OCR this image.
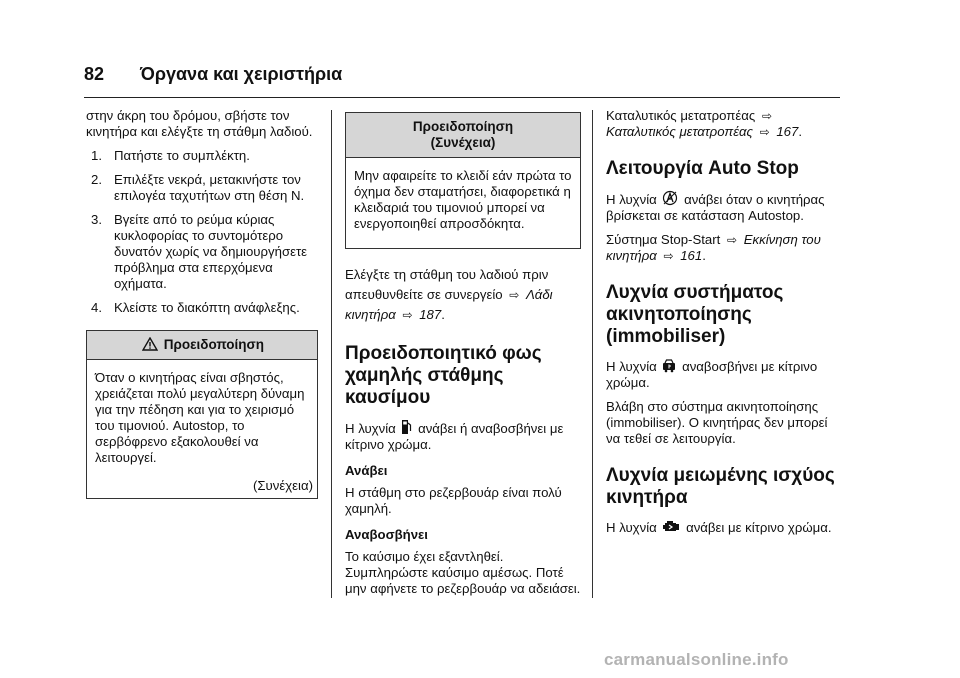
82 Όργανα και χειριστήρια

στην άκρη του δρόμου, σβήστε τον κινητήρα και ελέγξτε τη στάθμη λαδιού.

1. Πατήστε το συμπλέκτη.
2. Επιλέξτε νεκρά, μετακινήστε τον επιλογέα ταχυτήτων στη θέση N.
3. Βγείτε από το ρεύμα κύριας κυκλοφορίας το συντομότερο δυνατόν χωρίς να δημιουργήσετε πρόβλημα στα επερχόμενα οχήματα.
4. Κλείστε το διακόπτη ανάφλεξης.
Προειδοποίηση

Όταν ο κινητήρας είναι σβηστός, χρειάζεται πολύ μεγαλύτερη δύναμη για την πέδηση και για το χειρισμό του τιμονιού. Autostop, το σερβόφρενο εξακολουθεί να λειτουργεί.

(Συνέχεια)
Προειδοποίηση
(Συνέχεια)

Μην αφαιρείτε το κλειδί εάν πρώτα το όχημα δεν σταματήσει, διαφορετικά η κλειδαριά του τιμονιού μπορεί να ενεργοποιηθεί απροσδόκητα.

Ελέγξτε τη στάθμη του λαδιού πριν απευθυνθείτε σε συνεργείο ⇨ Λάδι κινητήρα ⇨ 187.

Προειδοποιητικό φως χαμηλής στάθμης καυσίμου

Η λυχνία ανάβει ή αναβοσβήνει με κίτρινο χρώμα.

Ανάβει

Η στάθμη στο ρεζερβουάρ είναι πολύ χαμηλή.

Αναβοσβήνει

Το καύσιμο έχει εξαντληθεί. Συμπληρώστε καύσιμο αμέσως. Ποτέ μην αφήνετε το ρεζερβουάρ να αδειάσει.

Καταλυτικός μετατροπέας ⇨
Καταλυτικός μετατροπέας ⇨ 167.

Λειτουργία Auto Stop

Η λυχνία ανάβει όταν ο κινητήρας βρίσκεται σε κατάσταση Autostop.

Σύστημα Stop-Start ⇨ Εκκίνηση του κινητήρα ⇨ 161.

Λυχνία συστήματος ακινητοποίησης (immobiliser)

Η λυχνία αναβοσβήνει με κίτρινο χρώμα.

Βλάβη στο σύστημα ακινητοποίησης (immobiliser). Ο κινητήρας δεν μπορεί να τεθεί σε λειτουργία.

Λυχνία μειωμένης ισχύος κινητήρα

Η λυχνία ανάβει με κίτρινο χρώμα.

carmanualsonline.info
